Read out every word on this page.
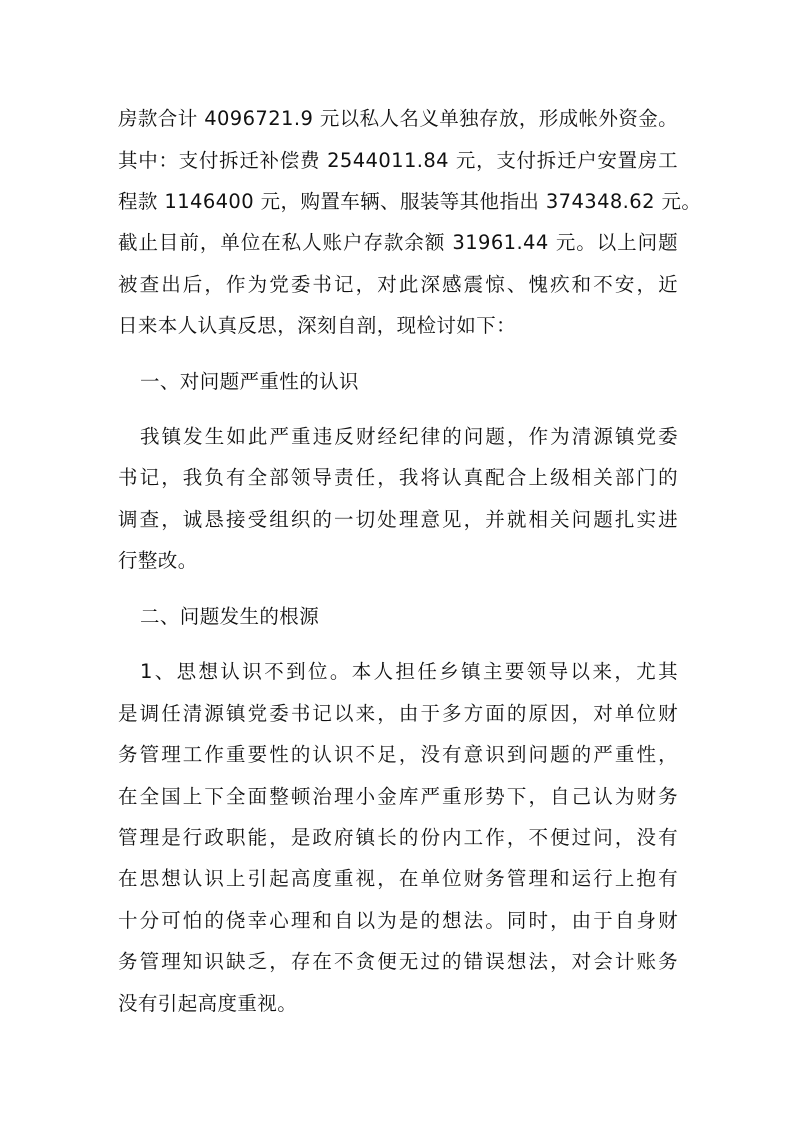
房款合计 4096721.9 元以私人名义单独存放，形成帐外资金。
其中：支付拆迁补偿费 2544011.84 元，支付拆迁户安置房工
程款 1146400 元，购置车辆、服装等其他指出 374348.62 元。
截止目前，单位在私人账户存款余额 31961.44 元。以上问题
被查出后，作为党委书记，对此深感震惊、愧疚和不安，近
日来本人认真反思，深刻自剖，现检讨如下：
一、对问题严重性的认识
我镇发生如此严重违反财经纪律的问题，作为清源镇党委
书记，我负有全部领导责任，我将认真配合上级相关部门的
调查，诚恳接受组织的一切处理意见，并就相关问题扎实进
行整改。
二、问题发生的根源
1、思想认识不到位。本人担任乡镇主要领导以来，尤其
是调任清源镇党委书记以来，由于多方面的原因，对单位财
务管理工作重要性的认识不足，没有意识到问题的严重性，
在全国上下全面整顿治理小金库严重形势下，自己认为财务
管理是行政职能，是政府镇长的份内工作，不便过问，没有
在思想认识上引起高度重视，在单位财务管理和运行上抱有
十分可怕的侥幸心理和自以为是的想法。同时，由于自身财
务管理知识缺乏，存在不贪便无过的错误想法，对会计账务
没有引起高度重视。
